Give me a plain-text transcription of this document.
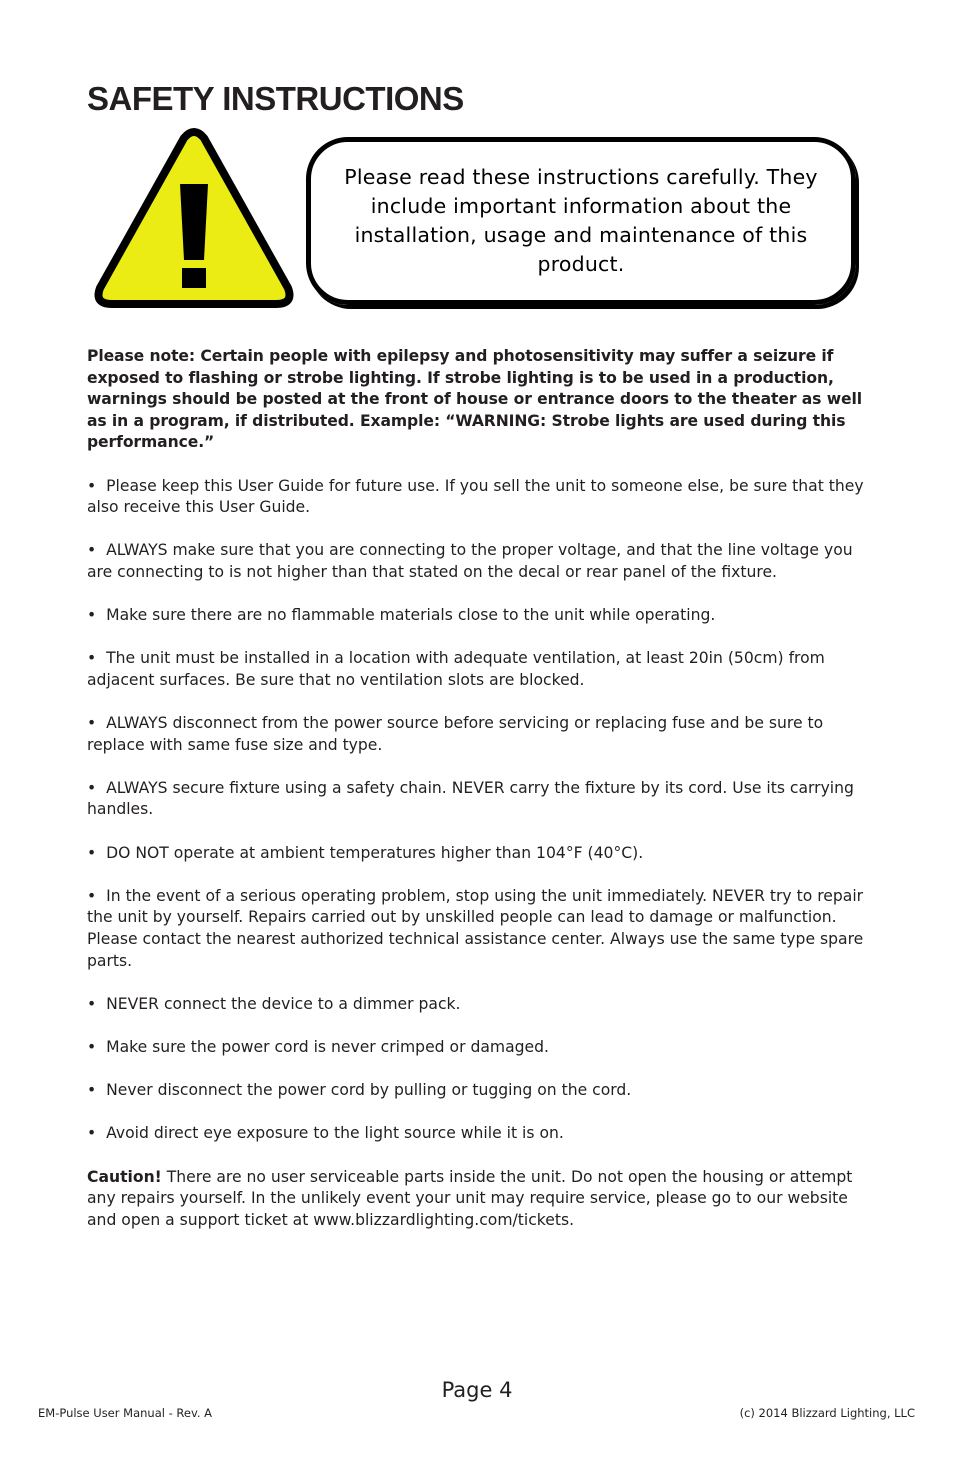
SAFETY INSTRUCTIONS

Please read these instructions carefully. They include important information about the installation, usage and maintenance of this product.

Please note: Certain people with epilepsy and photosensitivity may suffer a seizure if exposed to flashing or strobe lighting. If strobe lighting is to be used in a production, warnings should be posted at the front of house or entrance doors to the theater as well as in a program, if distributed. Example: “WARNING: Strobe lights are used during this performance.”

•  Please keep this User Guide for future use. If you sell the unit to someone else, be sure that they also receive this User Guide.

•  ALWAYS make sure that you are connecting to the proper voltage, and that the line voltage you are connecting to is not higher than that stated on the decal or rear panel of the fixture.

•  Make sure there are no flammable materials close to the unit while operating.

•  The unit must be installed in a location with adequate ventilation, at least 20in (50cm) from adjacent surfaces. Be sure that no ventilation slots are blocked.

•  ALWAYS disconnect from the power source before servicing or replacing fuse and be sure to replace with same fuse size and type.

•  ALWAYS secure fixture using a safety chain. NEVER carry the fixture by its cord. Use its carrying handles.

•  DO NOT operate at ambient temperatures higher than 104°F (40°C).

•  In the event of a serious operating problem, stop using the unit immediately. NEVER try to repair the unit by yourself. Repairs carried out by unskilled people can lead to damage or malfunction. Please contact the nearest authorized technical assistance center. Always use the same type spare parts.

•  NEVER connect the device to a dimmer pack.

•  Make sure the power cord is never crimped or damaged.

•  Never disconnect the power cord by pulling or tugging on the cord.

•  Avoid direct eye exposure to the light source while it is on.

Caution! There are no user serviceable parts inside the unit. Do not open the housing or attempt any repairs yourself. In the unlikely event your unit may require service, please go to our website and open a support ticket at www.blizzardlighting.com/tickets.

Page 4
EM-Pulse User Manual - Rev. A	(c) 2014 Blizzard Lighting, LLC
